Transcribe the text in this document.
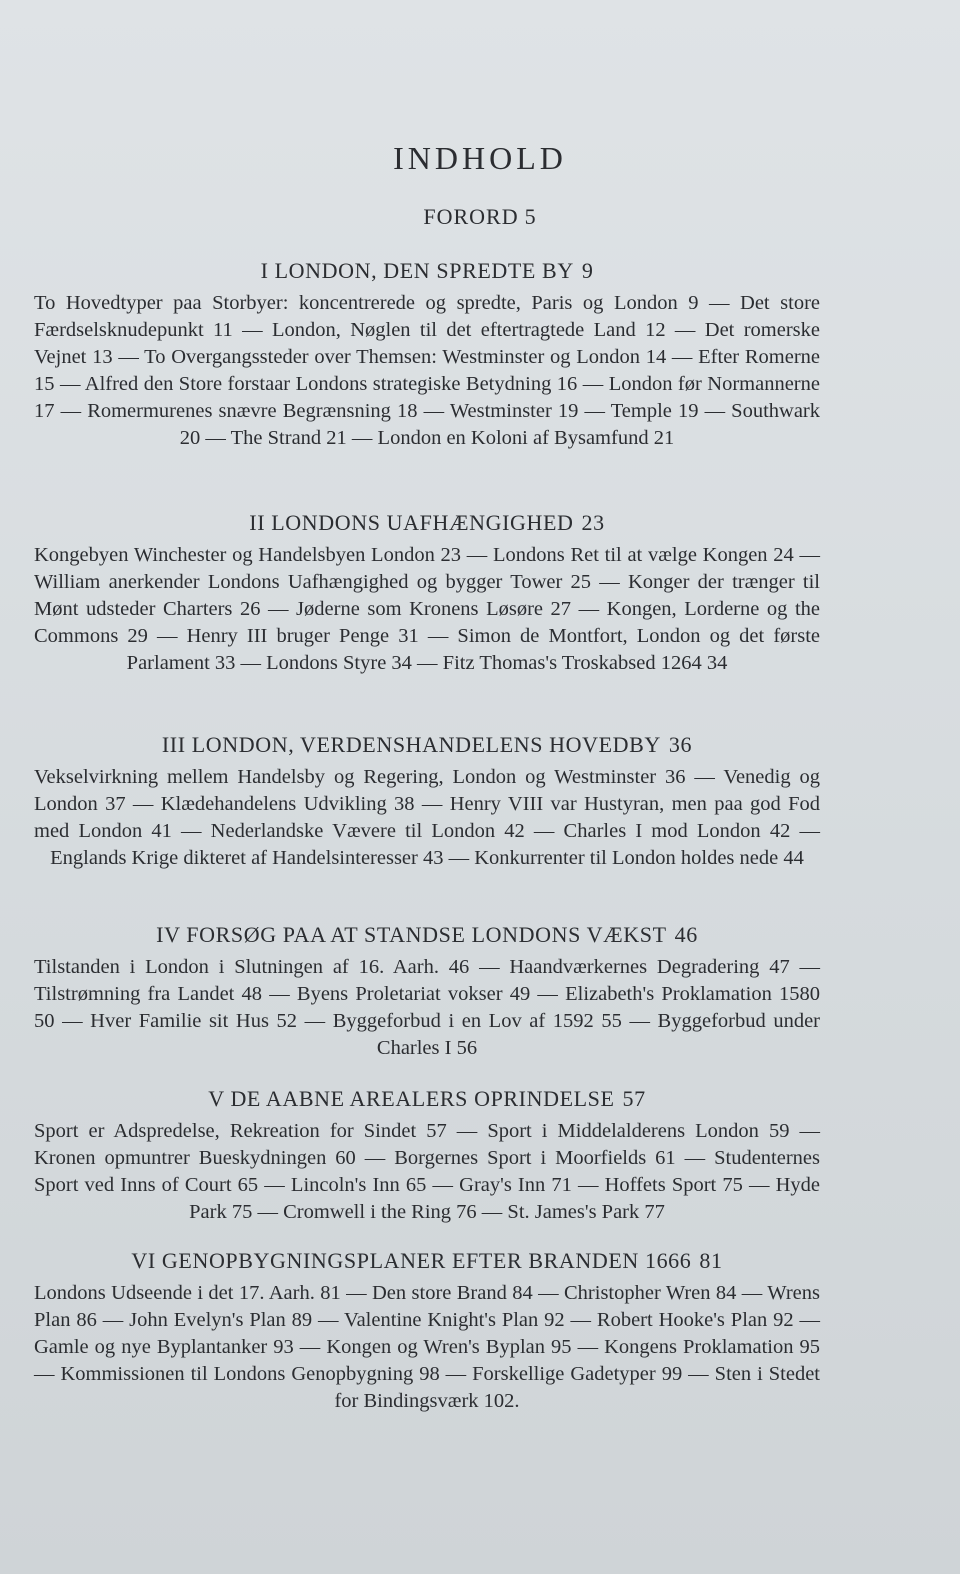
INDHOLD
FORORD 5
I LONDON, DEN SPREDTE BY 9

To Hovedtyper paa Storbyer: koncentrerede og spredte, Paris og London 9 — Det store Færdselsknudepunkt 11 — London, Nøglen til det eftertragtede Land 12 — Det romerske Vejnet 13 — To Overgangssteder over Themsen: Westminster og London 14 — Efter Romerne 15 — Alfred den Store forstaar Londons strategiske Betydning 16 — London før Normannerne 17 — Romermurenes snævre Begrænsning 18 — Westminster 19 — Temple 19 — Southwark 20 — The Strand 21 — London en Koloni af Bysamfund 21

II LONDONS UAFHÆNGIGHED 23

Kongebyen Winchester og Handelsbyen London 23 — Londons Ret til at vælge Kongen 24 — William anerkender Londons Uafhængighed og bygger Tower 25 — Konger der trænger til Mønt udsteder Charters 26 — Jøderne som Kronens Løsøre 27 — Kongen, Lorderne og the Commons 29 — Henry III bruger Penge 31 — Simon de Montfort, London og det første Parlament 33 — Londons Styre 34 — Fitz Thomas's Troskabsed 1264 34

III LONDON, VERDENSHANDELENS HOVEDBY 36

Vekselvirkning mellem Handelsby og Regering, London og Westminster 36 — Venedig og London 37 — Klædehandelens Udvikling 38 — Henry VIII var Hustyran, men paa god Fod med London 41 — Nederlandske Vævere til London 42 — Charles I mod London 42 — Englands Krige dikteret af Handelsinteresser 43 — Konkurrenter til London holdes nede 44

IV FORSØG PAA AT STANDSE LONDONS VÆKST 46

Tilstanden i London i Slutningen af 16. Aarh. 46 — Haandværkernes Degradering 47 — Tilstrømning fra Landet 48 — Byens Proletariat vokser 49 — Elizabeth's Proklamation 1580 50 — Hver Familie sit Hus 52 — Byggeforbud i en Lov af 1592 55 — Byggeforbud under Charles I 56

V DE AABNE AREALERS OPRINDELSE 57

Sport er Adspredelse, Rekreation for Sindet 57 — Sport i Middelalderens London 59 — Kronen opmuntrer Bueskydningen 60 — Borgernes Sport i Moorfields 61 — Studenternes Sport ved Inns of Court 65 — Lincoln's Inn 65 — Gray's Inn 71 — Hoffets Sport 75 — Hyde Park 75 — Cromwell i the Ring 76 — St. James's Park 77

VI GENOPBYGNINGSPLANER EFTER BRANDEN 1666 81

Londons Udseende i det 17. Aarh. 81 — Den store Brand 84 — Christopher Wren 84 — Wrens Plan 86 — John Evelyn's Plan 89 — Valentine Knight's Plan 92 — Robert Hooke's Plan 92 — Gamle og nye Byplantanker 93 — Kongen og Wren's Byplan 95 — Kongens Proklamation 95 — Kommissionen til Londons Genopbygning 98 — Forskellige Gadetyper 99 — Sten i Stedet for Bindingsværk 102.
